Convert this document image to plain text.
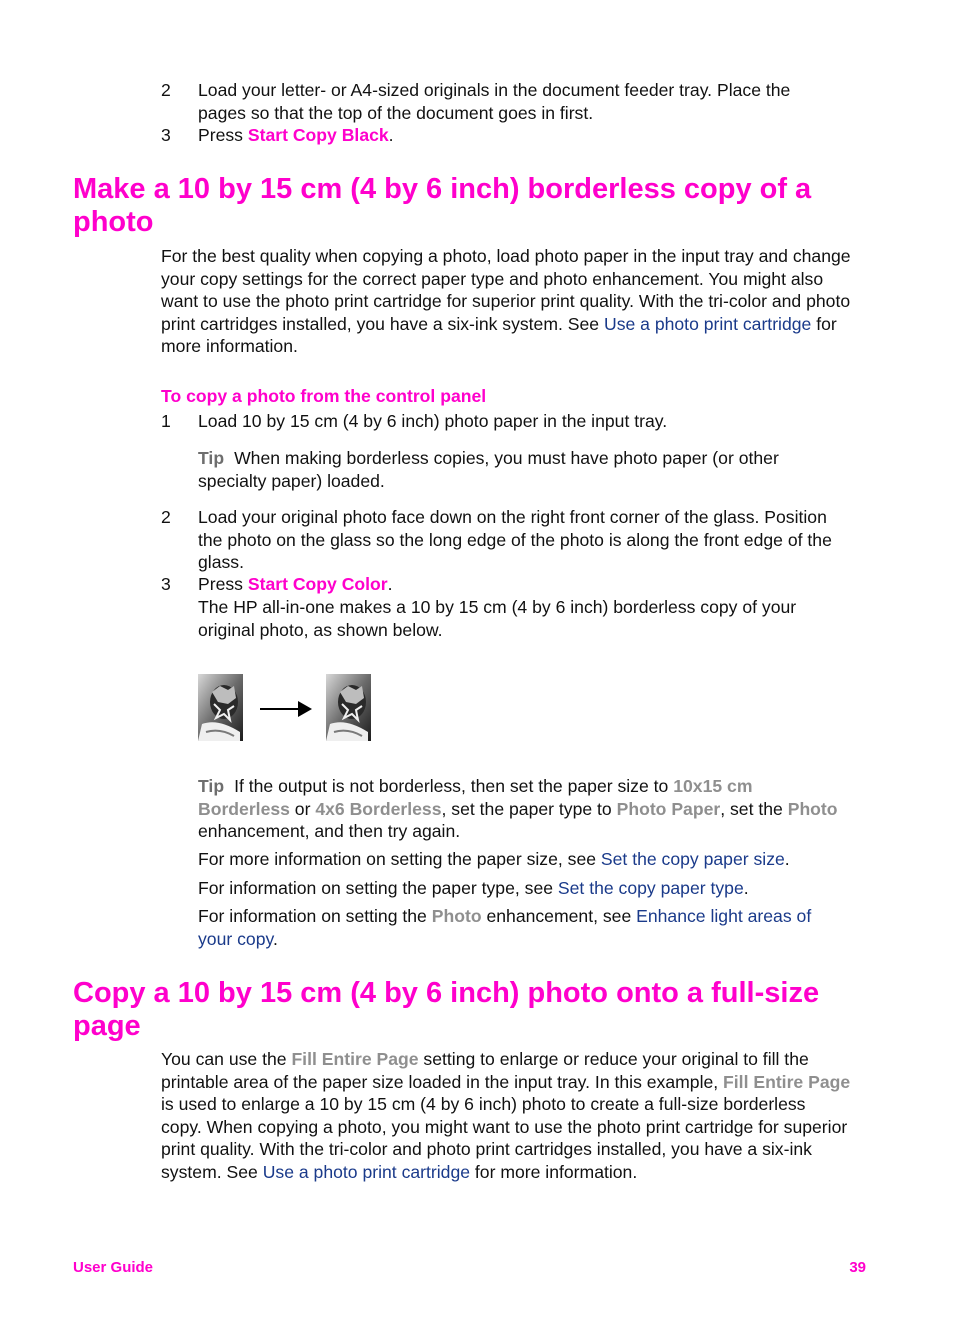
2 Load your letter- or A4-sized originals in the document feeder tray. Place the pages so that the top of the document goes in first.
3 Press Start Copy Black.
Make a 10 by 15 cm (4 by 6 inch) borderless copy of a photo
For the best quality when copying a photo, load photo paper in the input tray and change your copy settings for the correct paper type and photo enhancement. You might also want to use the photo print cartridge for superior print quality. With the tri-color and photo print cartridges installed, you have a six-ink system. See Use a photo print cartridge for more information.
To copy a photo from the control panel
1 Load 10 by 15 cm (4 by 6 inch) photo paper in the input tray.
Tip When making borderless copies, you must have photo paper (or other specialty paper) loaded.
2 Load your original photo face down on the right front corner of the glass. Position the photo on the glass so the long edge of the photo is along the front edge of the glass.
3 Press Start Copy Color.
The HP all-in-one makes a 10 by 15 cm (4 by 6 inch) borderless copy of your original photo, as shown below.
Tip If the output is not borderless, then set the paper size to 10x15 cm Borderless or 4x6 Borderless, set the paper type to Photo Paper, set the Photo enhancement, and then try again.
For more information on setting the paper size, see Set the copy paper size.
For information on setting the paper type, see Set the copy paper type.
For information on setting the Photo enhancement, see Enhance light areas of your copy.
Copy a 10 by 15 cm (4 by 6 inch) photo onto a full-size page
You can use the Fill Entire Page setting to enlarge or reduce your original to fill the printable area of the paper size loaded in the input tray. In this example, Fill Entire Page is used to enlarge a 10 by 15 cm (4 by 6 inch) photo to create a full-size borderless copy. When copying a photo, you might want to use the photo print cartridge for superior print quality. With the tri-color and photo print cartridges installed, you have a six-ink system. See Use a photo print cartridge for more information.
User Guide	39
